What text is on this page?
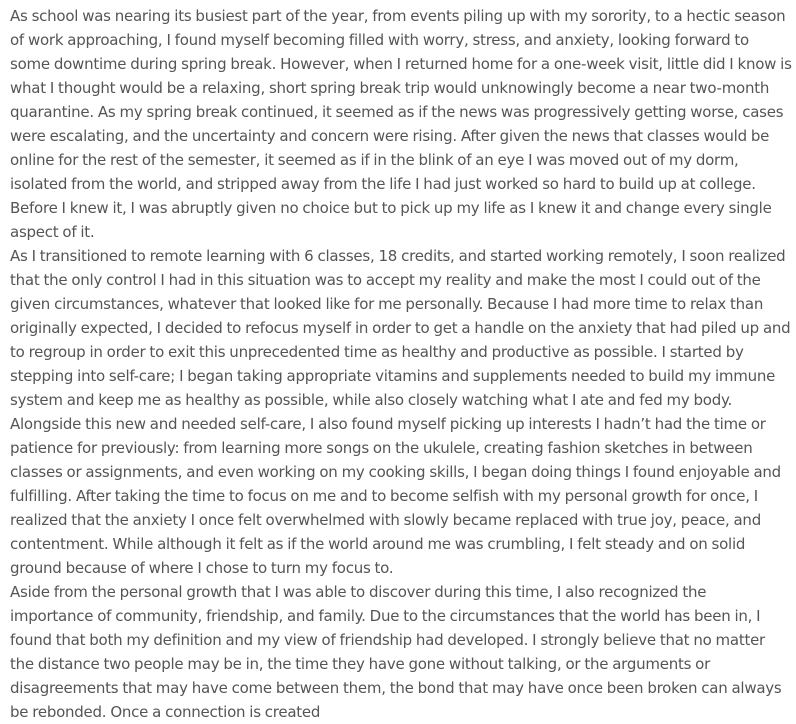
As school was nearing its busiest part of the year, from events piling up with my sorority, to a hectic season of work approaching, I found myself becoming filled with worry, stress, and anxiety, looking forward to some downtime during spring break. However, when I returned home for a one-week visit, little did I know is what I thought would be a relaxing, short spring break trip would unknowingly become a near two-month quarantine. As my spring break continued, it seemed as if the news was progressively getting worse, cases were escalating, and the uncertainty and concern were rising. After given the news that classes would be online for the rest of the semester, it seemed as if in the blink of an eye I was moved out of my dorm, isolated from the world, and stripped away from the life I had just worked so hard to build up at college. Before I knew it, I was abruptly given no choice but to pick up my life as I knew it and change every single aspect of it.

As I transitioned to remote learning with 6 classes, 18 credits, and started working remotely, I soon realized that the only control I had in this situation was to accept my reality and make the most I could out of the given circumstances, whatever that looked like for me personally. Because I had more time to relax than originally expected, I decided to refocus myself in order to get a handle on the anxiety that had piled up and to regroup in order to exit this unprecedented time as healthy and productive as possible. I started by stepping into self-care; I began taking appropriate vitamins and supplements needed to build my immune system and keep me as healthy as possible, while also closely watching what I ate and fed my body. Alongside this new and needed self-care, I also found myself picking up interests I hadn’t had the time or patience for previously: from learning more songs on the ukulele, creating fashion sketches in between classes or assignments, and even working on my cooking skills, I began doing things I found enjoyable and fulfilling. After taking the time to focus on me and to become selfish with my personal growth for once, I realized that the anxiety I once felt overwhelmed with slowly became replaced with true joy, peace, and contentment. While although it felt as if the world around me was crumbling, I felt steady and on solid ground because of where I chose to turn my focus to.

Aside from the personal growth that I was able to discover during this time, I also recognized the importance of community, friendship, and family. Due to the circumstances that the world has been in, I found that both my definition and my view of friendship had developed. I strongly believe that no matter the distance two people may be in, the time they have gone without talking, or the arguments or disagreements that may have come between them, the bond that may have once been broken can always be rebonded. Once a connection is created
